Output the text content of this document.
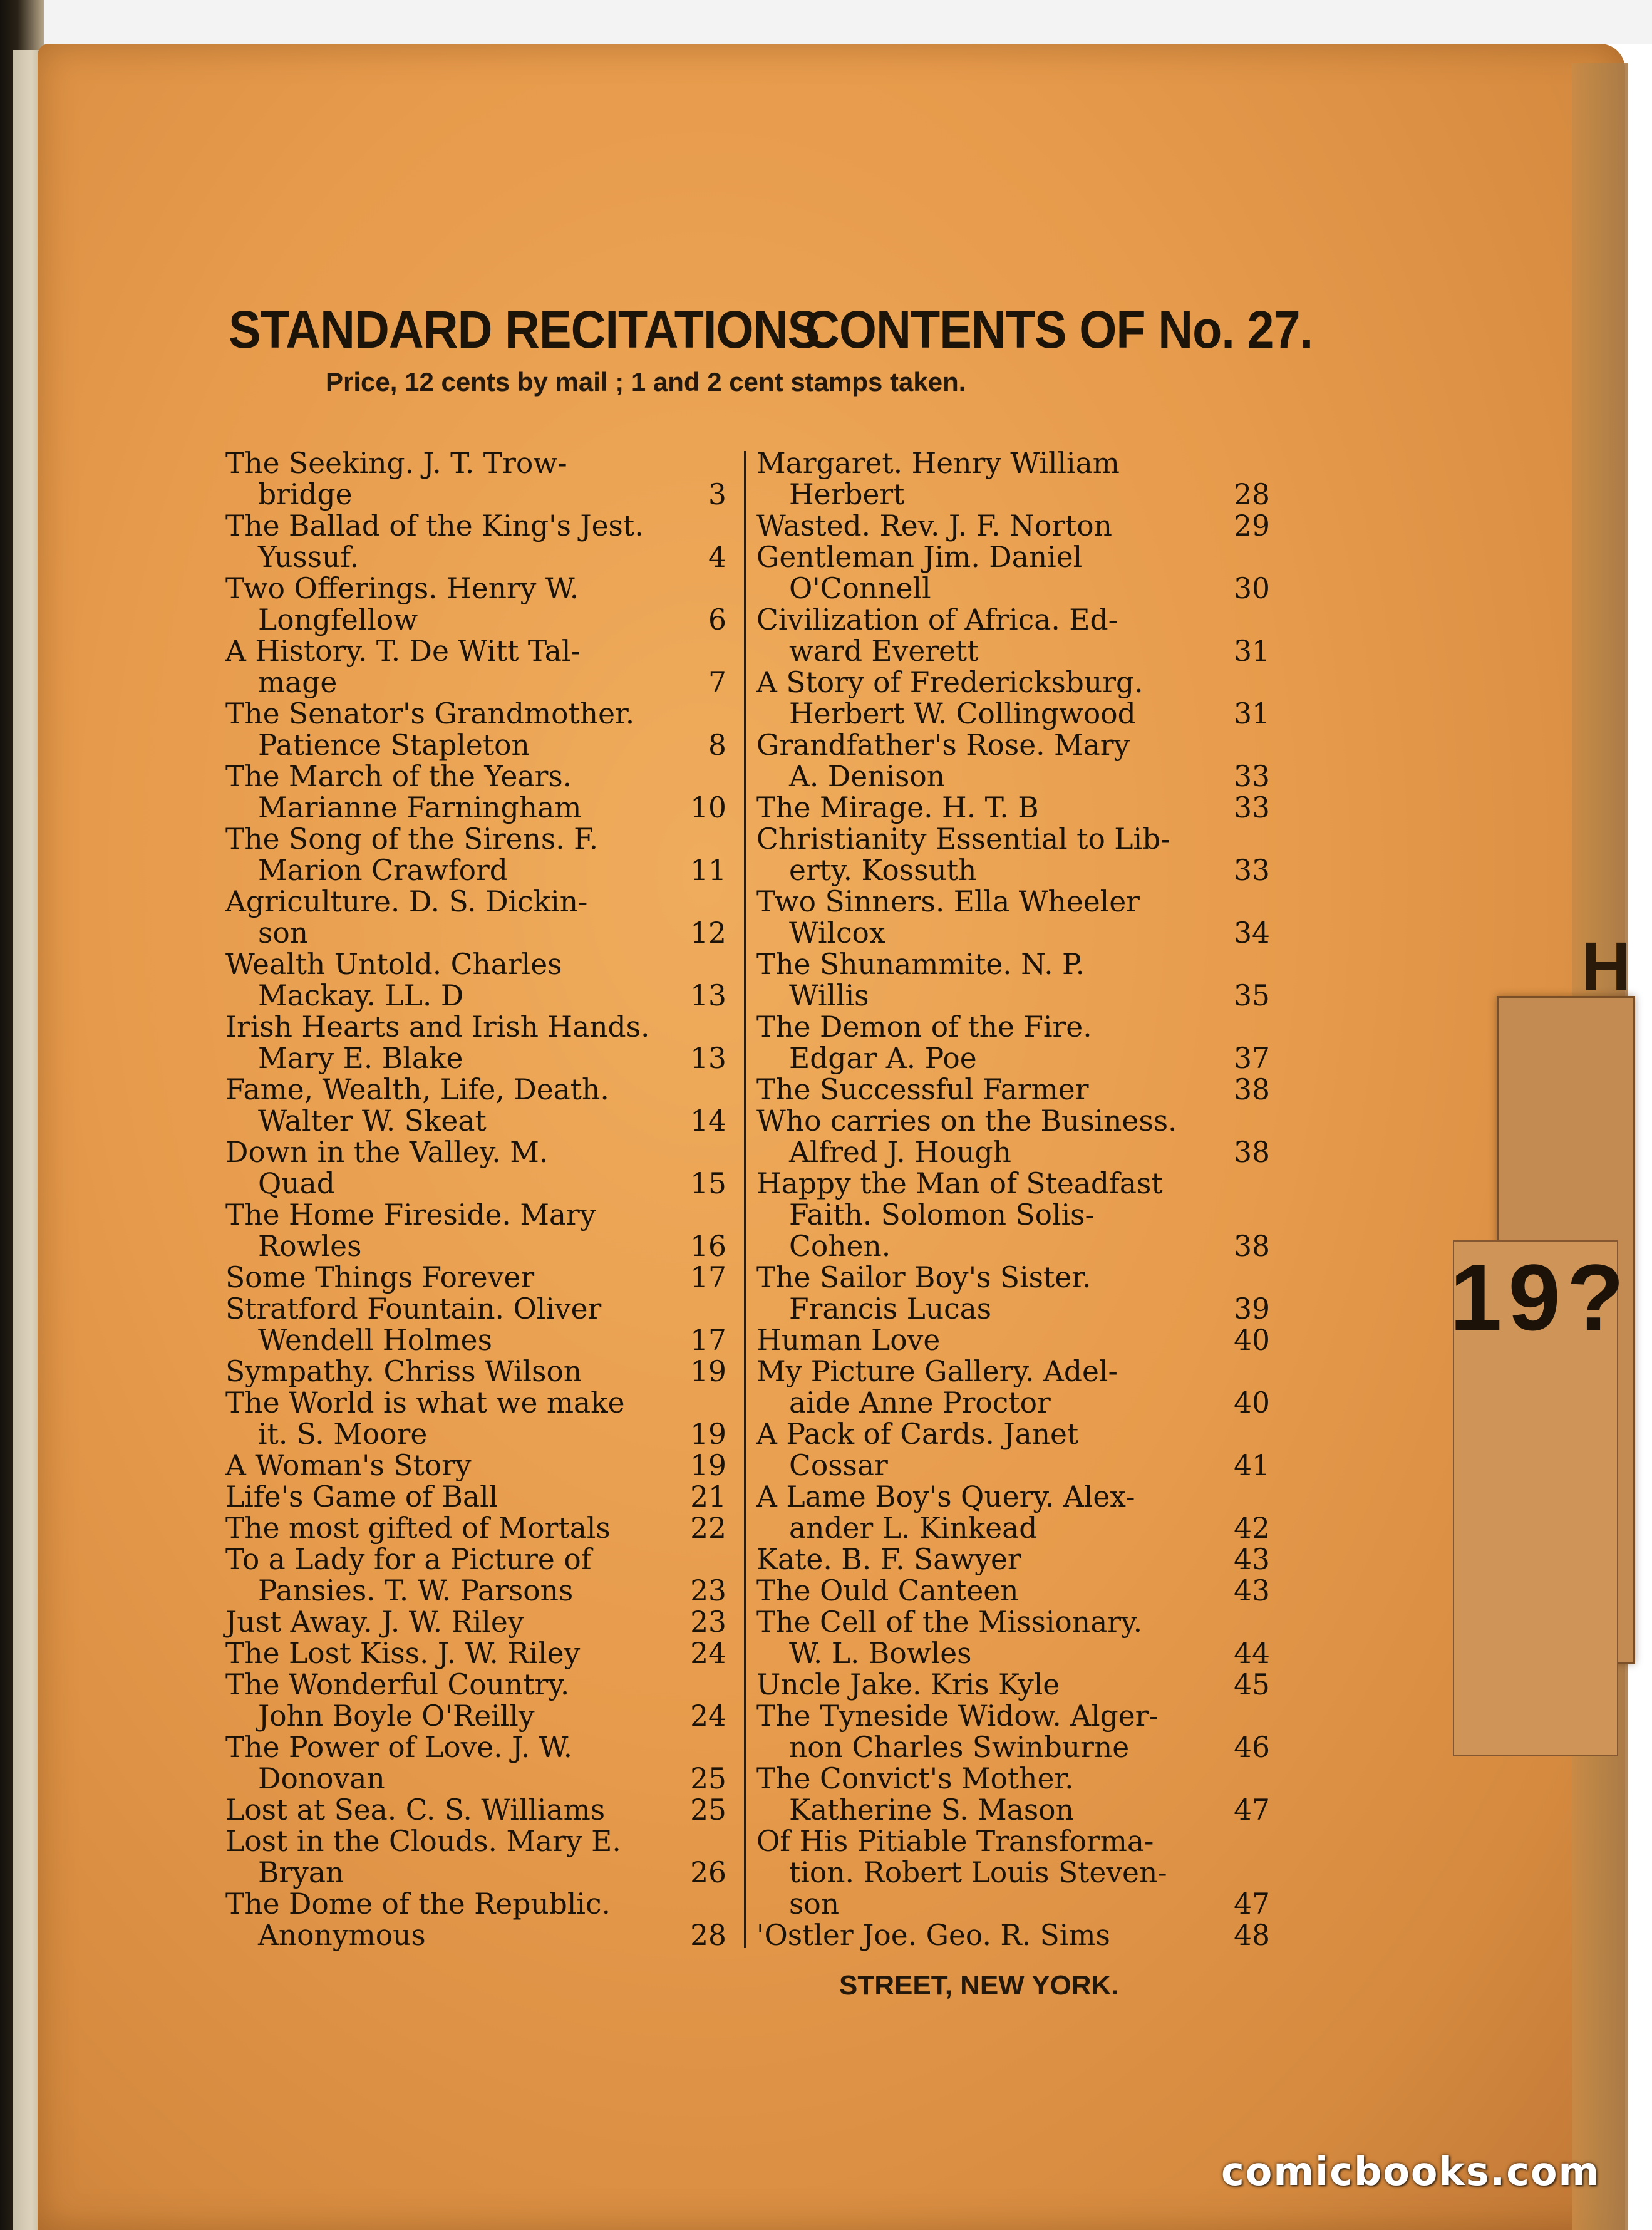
H
19?
STANDARD RECITATIONS
CONTENTS OF No. 27.
Price, 12 cents by mail ; 1 and 2 cent stamps taken.
The Seeking. J. T. Trow-
bridge	3
The Ballad of the King's Jest.
Yussuf.	4
Two Offerings. Henry W.
Longfellow	6
A History. T. De Witt Tal-
mage	7
The Senator's Grandmother.
Patience Stapleton	8
The March of the Years.
Marianne Farningham	10
The Song of the Sirens. F.
Marion Crawford	11
Agriculture. D. S. Dickin-
son	12
Wealth Untold. Charles
Mackay. LL. D	13
Irish Hearts and Irish Hands.
Mary E. Blake	13
Fame, Wealth, Life, Death.
Walter W. Skeat	14
Down in the Valley. M.
Quad	15
The Home Fireside. Mary
Rowles	16
Some Things Forever	17
Stratford Fountain. Oliver
Wendell Holmes	17
Sympathy. Chriss Wilson	19
The World is what we make
it. S. Moore	19
A Woman's Story	19
Life's Game of Ball	21
The most gifted of Mortals	22
To a Lady for a Picture of
Pansies. T. W. Parsons	23
Just Away. J. W. Riley	23
The Lost Kiss. J. W. Riley	24
The Wonderful Country.
John Boyle O'Reilly	24
The Power of Love. J. W.
Donovan	25
Lost at Sea. C. S. Williams	25
Lost in the Clouds. Mary E.
Bryan	26
The Dome of the Republic.
Anonymous	28
Margaret. Henry William
Herbert	28
Wasted. Rev. J. F. Norton	29
Gentleman Jim. Daniel
O'Connell	30
Civilization of Africa. Ed-
ward Everett	31
A Story of Fredericksburg.
Herbert W. Collingwood	31
Grandfather's Rose. Mary
A. Denison	33
The Mirage. H. T. B	33
Christianity Essential to Lib-
erty. Kossuth	33
Two Sinners. Ella Wheeler
Wilcox	34
The Shunammite. N. P.
Willis	35
The Demon of the Fire.
Edgar A. Poe	37
The Successful Farmer	38
Who carries on the Business.
Alfred J. Hough	38
Happy the Man of Steadfast
Faith. Solomon Solis-
Cohen.	38
The Sailor Boy's Sister.
Francis Lucas	39
Human Love	40
My Picture Gallery. Adel-
aide Anne Proctor	40
A Pack of Cards. Janet
Cossar	41
A Lame Boy's Query. Alex-
ander L. Kinkead	42
Kate. B. F. Sawyer	43
The Ould Canteen	43
The Cell of the Missionary.
W. L. Bowles	44
Uncle Jake. Kris Kyle	45
The Tyneside Widow. Alger-
non Charles Swinburne	46
The Convict's Mother.
Katherine S. Mason	47
Of His Pitiable Transforma-
tion. Robert Louis Steven-
son	47
'Ostler Joe. Geo. R. Sims	48
STREET, NEW YORK.
comicbooks.com
